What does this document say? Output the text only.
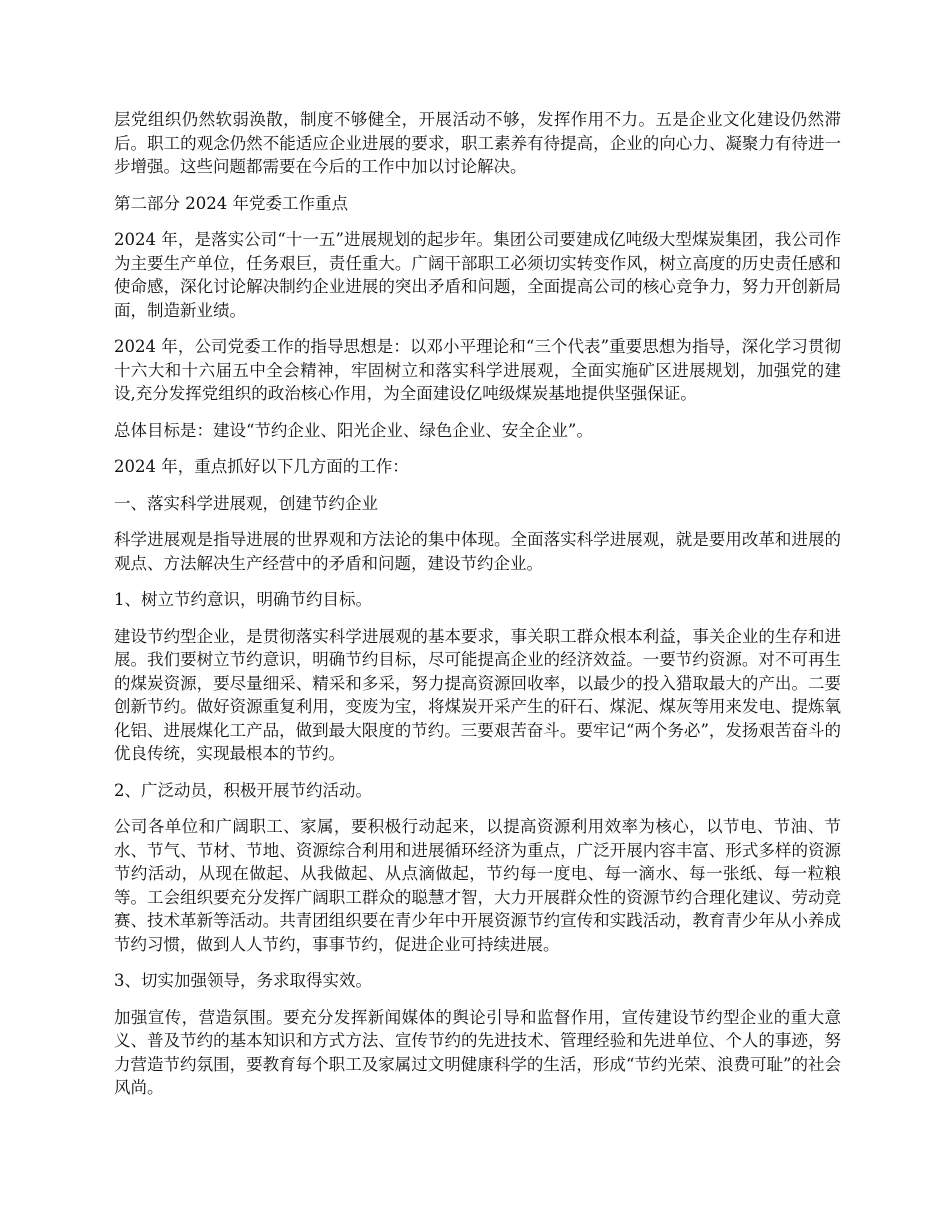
层党组织仍然软弱涣散，制度不够健全，开展活动不够，发挥作用不力。五是企业文化建设仍然滞后。职工的观念仍然不能适应企业进展的要求，职工素养有待提高，企业的向心力、凝聚力有待进一步增强。这些问题都需要在今后的工作中加以讨论解决。

第二部分 2024 年党委工作重点

2024 年，是落实公司“十一五”进展规划的起步年。集团公司要建成亿吨级大型煤炭集团，我公司作为主要生产单位，任务艰巨，责任重大。广阔干部职工必须切实转变作风，树立高度的历史责任感和使命感，深化讨论解决制约企业进展的突出矛盾和问题，全面提高公司的核心竞争力，努力开创新局面，制造新业绩。

2024 年，公司党委工作的指导思想是：以邓小平理论和“三个代表”重要思想为指导，深化学习贯彻十六大和十六届五中全会精神，牢固树立和落实科学进展观，全面实施矿区进展规划，加强党的建设,充分发挥党组织的政治核心作用，为全面建设亿吨级煤炭基地提供坚强保证。

总体目标是：建设“节约企业、阳光企业、绿色企业、安全企业”。

2024 年，重点抓好以下几方面的工作：

一、落实科学进展观，创建节约企业

科学进展观是指导进展的世界观和方法论的集中体现。全面落实科学进展观，就是要用改革和进展的观点、方法解决生产经营中的矛盾和问题，建设节约企业。

1、树立节约意识，明确节约目标。

建设节约型企业，是贯彻落实科学进展观的基本要求，事关职工群众根本利益，事关企业的生存和进展。我们要树立节约意识，明确节约目标，尽可能提高企业的经济效益。一要节约资源。对不可再生的煤炭资源，要尽量细采、精采和多采，努力提高资源回收率，以最少的投入猎取最大的产出。二要创新节约。做好资源重复利用，变废为宝，将煤炭开采产生的矸石、煤泥、煤灰等用来发电、提炼氧化铝、进展煤化工产品，做到最大限度的节约。三要艰苦奋斗。要牢记“两个务必”，发扬艰苦奋斗的优良传统，实现最根本的节约。

2、广泛动员，积极开展节约活动。

公司各单位和广阔职工、家属，要积极行动起来，以提高资源利用效率为核心，以节电、节油、节水、节气、节材、节地、资源综合利用和进展循环经济为重点，广泛开展内容丰富、形式多样的资源节约活动，从现在做起、从我做起、从点滴做起，节约每一度电、每一滴水、每一张纸、每一粒粮等。工会组织要充分发挥广阔职工群众的聪慧才智，大力开展群众性的资源节约合理化建议、劳动竞赛、技术革新等活动。共青团组织要在青少年中开展资源节约宣传和实践活动，教育青少年从小养成节约习惯，做到人人节约，事事节约，促进企业可持续进展。

3、切实加强领导，务求取得实效。

加强宣传，营造氛围。要充分发挥新闻媒体的舆论引导和监督作用，宣传建设节约型企业的重大意义、普及节约的基本知识和方式方法、宣传节约的先进技术、管理经验和先进单位、个人的事迹，努力营造节约氛围，要教育每个职工及家属过文明健康科学的生活，形成“节约光荣、浪费可耻”的社会风尚。
